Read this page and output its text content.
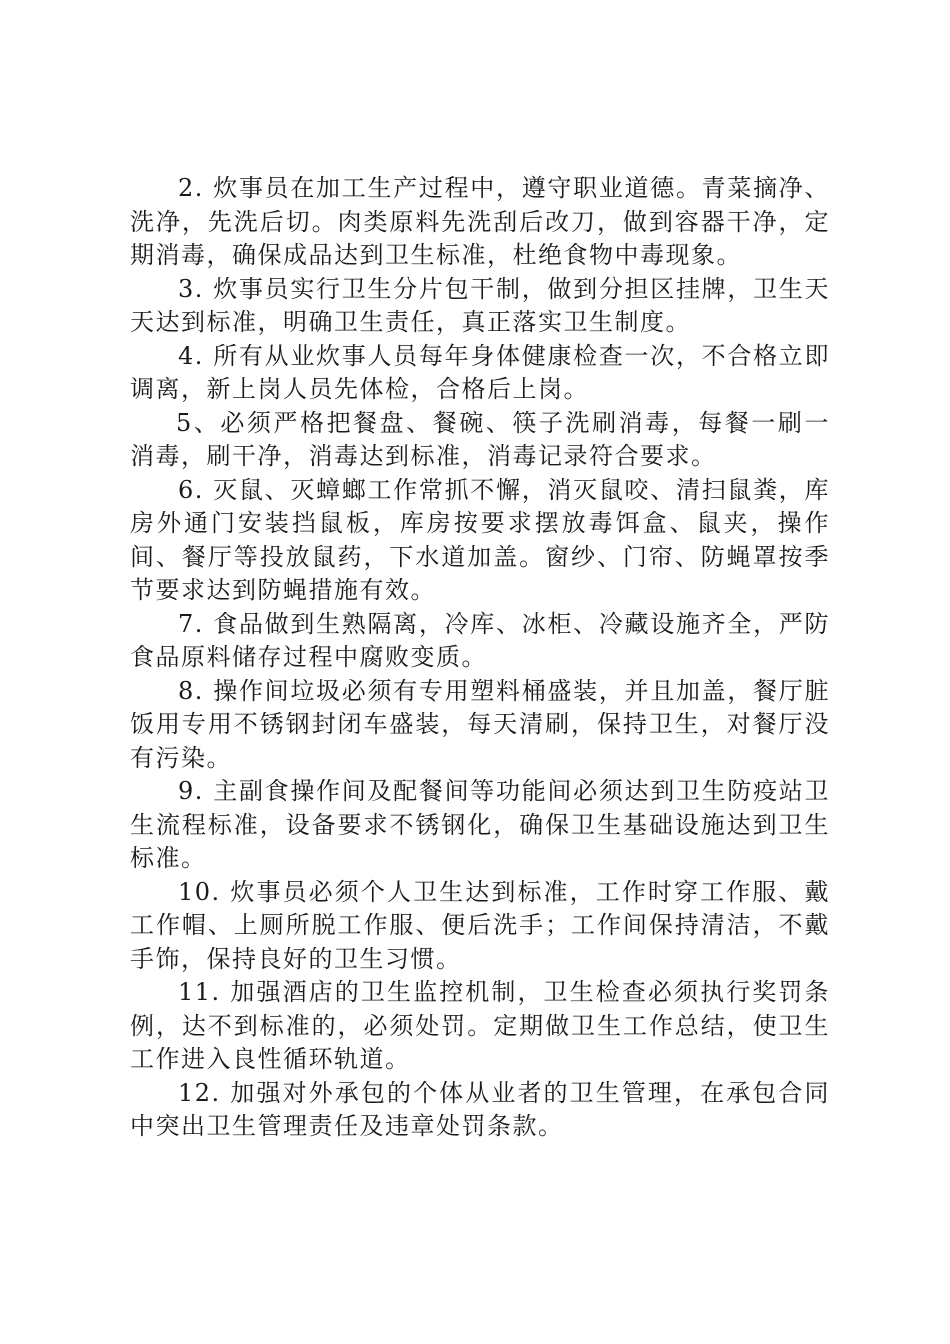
2. 炊事员在加工生产过程中，遵守职业道德。青菜摘净、洗净，先洗后切。肉类原料先洗刮后改刀，做到容器干净，定期消毒，确保成品达到卫生标准，杜绝食物中毒现象。

3. 炊事员实行卫生分片包干制，做到分担区挂牌，卫生天天达到标准，明确卫生责任，真正落实卫生制度。

4. 所有从业炊事人员每年身体健康检查一次，不合格立即调离，新上岗人员先体检，合格后上岗。

5、必须严格把餐盘、餐碗、筷子洗刷消毒，每餐一刷一消毒，刷干净，消毒达到标准，消毒记录符合要求。

6. 灭鼠、灭蟑螂工作常抓不懈，消灭鼠咬、清扫鼠粪，库房外通门安装挡鼠板，库房按要求摆放毒饵盒、鼠夹，操作间、餐厅等投放鼠药，下水道加盖。窗纱、门帘、防蝇罩按季节要求达到防蝇措施有效。

7. 食品做到生熟隔离，冷库、冰柜、冷藏设施齐全，严防食品原料储存过程中腐败变质。

8. 操作间垃圾必须有专用塑料桶盛装，并且加盖，餐厅脏饭用专用不锈钢封闭车盛装，每天清刷，保持卫生，对餐厅没有污染。

9. 主副食操作间及配餐间等功能间必须达到卫生防疫站卫生流程标准，设备要求不锈钢化，确保卫生基础设施达到卫生标准。

10. 炊事员必须个人卫生达到标准，工作时穿工作服、戴工作帽、上厕所脱工作服、便后洗手；工作间保持清洁，不戴手饰，保持良好的卫生习惯。

11. 加强酒店的卫生监控机制，卫生检查必须执行奖罚条例，达不到标准的，必须处罚。定期做卫生工作总结，使卫生工作进入良性循环轨道。

12. 加强对外承包的个体从业者的卫生管理，在承包合同中突出卫生管理责任及违章处罚条款。
